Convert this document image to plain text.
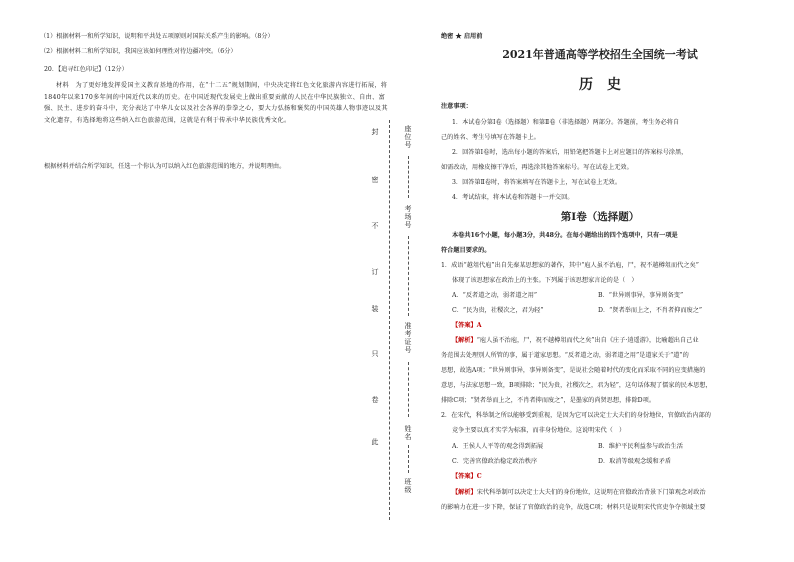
（1）根据材料一和所学知识，说明和平共处五项原则对国际关系产生的影响。（8分）
（2）根据材料二和所学知识，我国应该如何理性对待边疆冲突。（6分）
20．【追寻红色印记】（12分）
材料　为了更好地发挥爱国主义教育基地的作用，在“十二五”规划期间，中央决定将红色文化旅游内容进行拓展，将1840年以来170多年间的中国近代以来的历史。在中国近现代发展史上做出重要贡献的人民在中华民族独立、自由、富强、民主、进步的奋斗中，充分表达了中华儿女以及社会各界的拳拳之心，要大力弘扬和褒奖的中国英雄人物事迹以及其文化遗存，有选择地将这些纳入红色旅游范围，这就是有利于传承中华民族优秀文化。
根据材料并结合所学知识，任选一个你认为可以纳入红色旅游范围的地方，并说明理由。
封
密
不
订
装
只
卷
此
座位号
考场号
准考证号
姓名
班级
绝密 ★ 启用前
2021年普通高等学校招生全国统一考试
历　史
注意事项：
1．本试卷分第Ⅰ卷（选择题）和第Ⅱ卷（非选择题）两部分。答题前，考生务必将自
己的姓名、考生号填写在答题卡上。
2．回答第Ⅰ卷时，选出每小题的答案后，用铅笔把答题卡上对应题目的答案标号涂黑，
如需改动，用橡皮擦干净后，再选涂其他答案标号。写在试卷上无效。
3．回答第Ⅱ卷时，将答案填写在答题卡上，写在试卷上无效。
4．考试结束，将本试卷和答题卡一并交回。
第Ⅰ卷（选择题）
本卷共16个小题，每小题3分，共48分。在每小题给出的四个选项中，只有一项是
符合题目要求的。
1．成语“越俎代庖”出自先秦某思想家的著作，其中“庖人虽不治庖，尸，祝不越樽俎而代之矣”
体现了该思想家在政治上的主张。下列属于该思想家言论的是（　）
A．“反者道之动，弱者道之用”	B．“世异则事异，事异则备变”
C．“民为贵，社稷次之，君为轻”	D．“贤者举而上之，不肖者抑而废之”
【答案】A
【解析】“庖人虽不治庖，尸，祝不越樽俎而代之矣”出自《庄子·逍遥游》，比喻超出自己业
务范围去处理别人所管的事，属于道家思想。“反者道之动，弱者道之用”是道家关于“道”的
思想，故选A项；“世异则事异，事异则备变”，是说社会随着时代的变化而采取不同的应变措施的
意思，与法家思想一致，B项排除；“民为贵，社稷次之，君为轻”，这句话体现了儒家的民本思想，
排除C项；“贤者举而上之，不肖者抑而废之”，是墨家的尚贤思想，排除D项。
2．在宋代，科举制之所以能够受到重视，是因为它可以决定士大夫们的身份地位，官僚政治内部的
竞争主要以真才实学为标准，而非身份地位。这说明宋代（　）
A．王侯人人平等的观念得到拓展	B．维护平民利益参与政治生活
C．完善官僚政治稳定政治秩序	D．取消等级观念缓和矛盾
【答案】C
【解析】宋代科举制可以决定士大夫们的身份地位，这说明在官僚政治背景下门第观念对政治
的影响力在进一步下降，保证了官僚政治的竞争，故选C项；材料只是说明宋代官吏争夺领域主要
